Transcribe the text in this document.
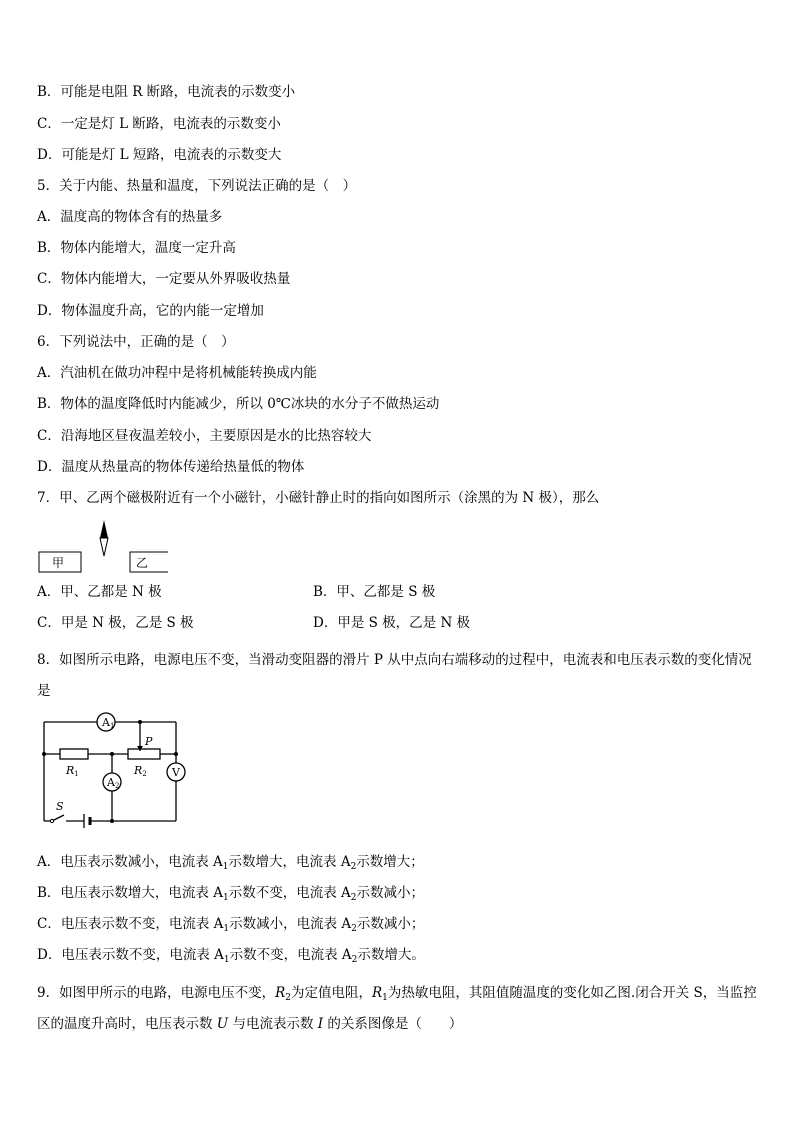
B．可能是电阻 R 断路，电流表的示数变小
C．一定是灯 L 断路，电流表的示数变小
D．可能是灯 L 短路，电流表的示数变大
5．关于内能、热量和温度，下列说法正确的是（　）
A．温度高的物体含有的热量多
B．物体内能增大，温度一定升高
C．物体内能增大，一定要从外界吸收热量
D．物体温度升高，它的内能一定增加
6．下列说法中，正确的是（　）
A．汽油机在做功冲程中是将机械能转换成内能
B．物体的温度降低时内能减少，所以 0℃冰块的水分子不做热运动
C．沿海地区昼夜温差较小，主要原因是水的比热容较大
D．温度从热量高的物体传递给热量低的物体
7．甲、乙两个磁极附近有一个小磁针，小磁针静止时的指向如图所示（涂黑的为 N 极），那么
甲	乙
A．甲、乙都是 N 极	B．甲、乙都是 S 极
C．甲是 N 极，乙是 S 极	D．甲是 S 极，乙是 N 极
8．如图所示电路，电源电压不变，当滑动变阻器的滑片 P 从中点向右端移动的过程中，电流表和电压表示数的变化情况是
A1
A2
V
P
R1	R2
S
A．电压表示数减小，电流表 $A_1$示数增大，电流表 $A_2$示数增大；
B．电压表示数增大，电流表 $A_1$示数不变，电流表 $A_2$示数减小；
C．电压表示数不变，电流表 $A_1$示数减小，电流表 $A_2$示数减小；
D．电压表示数不变，电流表 $A_1$示数不变，电流表 $A_2$示数增大。
9．如图甲所示的电路，电源电压不变，$R_2$为定值电阻，$R_1$为热敏电阻，其阻值随温度的变化如乙图.闭合开关 S，当监控区的温度升高时，电压表示数 U 与电流表示数 I 的关系图像是（　　）
